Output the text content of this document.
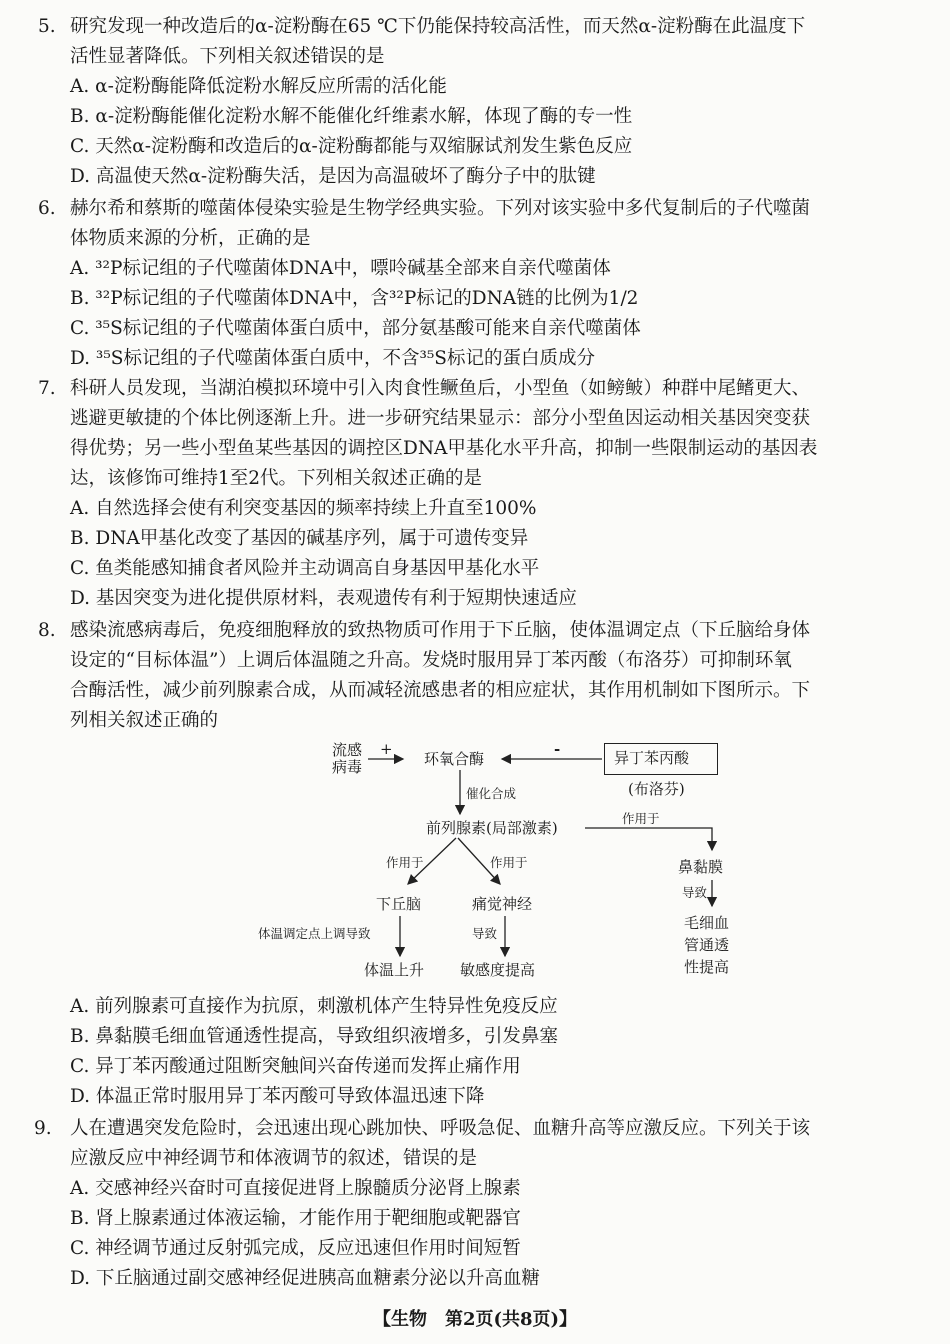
5. 研究发现一种改造后的α-淀粉酶在65 ℃下仍能保持较高活性，而天然α-淀粉酶在此温度下
活性显著降低。下列相关叙述错误的是
A. α-淀粉酶能降低淀粉水解反应所需的活化能
B. α-淀粉酶能催化淀粉水解不能催化纤维素水解，体现了酶的专一性
C. 天然α-淀粉酶和改造后的α-淀粉酶都能与双缩脲试剂发生紫色反应
D. 高温使天然α-淀粉酶失活，是因为高温破坏了酶分子中的肽键
6. 赫尔希和蔡斯的噬菌体侵染实验是生物学经典实验。下列对该实验中多代复制后的子代噬菌
体物质来源的分析，正确的是
A. ³²P标记组的子代噬菌体DNA中，嘌呤碱基全部来自亲代噬菌体
B. ³²P标记组的子代噬菌体DNA中，含³²P标记的DNA链的比例为1/2
C. ³⁵S标记组的子代噬菌体蛋白质中，部分氨基酸可能来自亲代噬菌体
D. ³⁵S标记组的子代噬菌体蛋白质中，不含³⁵S标记的蛋白质成分
7. 科研人员发现，当湖泊模拟环境中引入肉食性鳜鱼后，小型鱼（如鳑鲏）种群中尾鳍更大、
逃避更敏捷的个体比例逐渐上升。进一步研究结果显示：部分小型鱼因运动相关基因突变获
得优势；另一些小型鱼某些基因的调控区DNA甲基化水平升高，抑制一些限制运动的基因表
达，该修饰可维持1至2代。下列相关叙述正确的是
A. 自然选择会使有利突变基因的频率持续上升直至100%
B. DNA甲基化改变了基因的碱基序列，属于可遗传变异
C. 鱼类能感知捕食者风险并主动调高自身基因甲基化水平
D. 基因突变为进化提供原材料，表观遗传有利于短期快速适应
8. 感染流感病毒后，免疫细胞释放的致热物质可作用于下丘脑，使体温调定点（下丘脑给身体
设定的“目标体温”）上调后体温随之升高。发烧时服用异丁苯丙酸（布洛芬）可抑制环氧
合酶活性，减少前列腺素合成，从而减轻流感患者的相应症状，其作用机制如下图所示。下
列相关叙述正确的
流感
病毒
+
环氧合酶
-	异丁苯丙酸
(布洛芬)
催化合成
前列腺素(局部激素)
作用于
作用于	作用于	鼻黏膜
导致
下丘脑	痛觉神经
体温调定点上调导致	导致
毛细血
管通透
性提高
体温上升 敏感度提高
A. 前列腺素可直接作为抗原，刺激机体产生特异性免疫反应
B. 鼻黏膜毛细血管通透性提高，导致组织液增多，引发鼻塞
C. 异丁苯丙酸通过阻断突触间兴奋传递而发挥止痛作用
D. 体温正常时服用异丁苯丙酸可导致体温迅速下降
9. 人在遭遇突发危险时，会迅速出现心跳加快、呼吸急促、血糖升高等应激反应。下列关于该
应激反应中神经调节和体液调节的叙述，错误的是
A. 交感神经兴奋时可直接促进肾上腺髓质分泌肾上腺素
B. 肾上腺素通过体液运输，才能作用于靶细胞或靶器官
C. 神经调节通过反射弧完成，反应迅速但作用时间短暂
D. 下丘脑通过副交感神经促进胰高血糖素分泌以升高血糖
【生物　第2页(共8页)】
